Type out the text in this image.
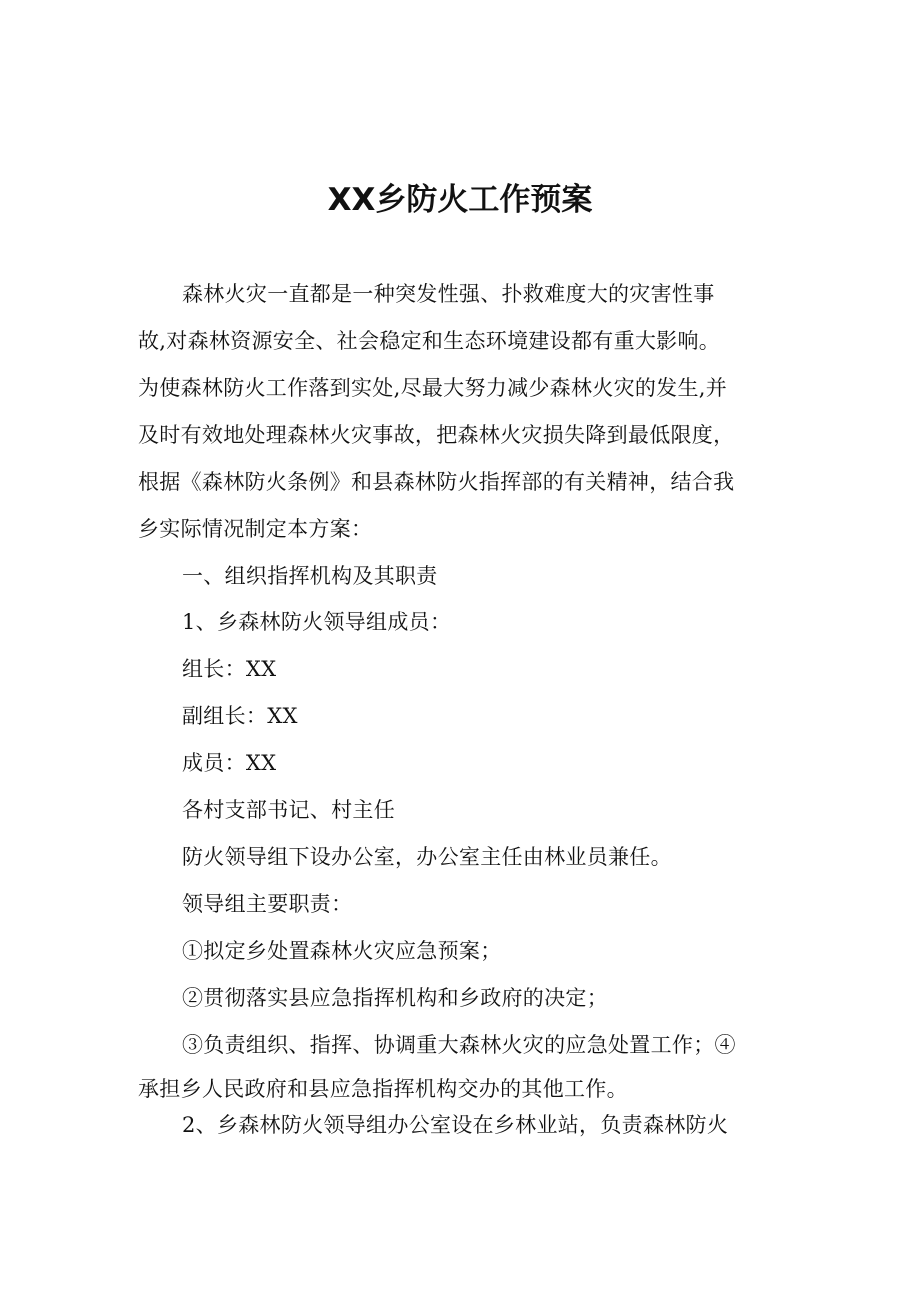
XX乡防火工作预案
森林火灾一直都是一种突发性强、扑救难度大的灾害性事
故,对森林资源安全、社会稳定和生态环境建设都有重大影响。
为使森林防火工作落到实处,尽最大努力减少森林火灾的发生,并
及时有效地处理森林火灾事故，把森林火灾损失降到最低限度，
根据《森林防火条例》和县森林防火指挥部的有关精神，结合我
乡实际情况制定本方案：
一、组织指挥机构及其职责
1、乡森林防火领导组成员：
组长：XX
副组长：XX
成员：XX
各村支部书记、村主任
防火领导组下设办公室，办公室主任由林业员兼任。
领导组主要职责：
①拟定乡处置森林火灾应急预案；
②贯彻落实县应急指挥机构和乡政府的决定；
③负责组织、指挥、协调重大森林火灾的应急处置工作；④
承担乡人民政府和县应急指挥机构交办的其他工作。
2、乡森林防火领导组办公室设在乡林业站，负责森林防火
